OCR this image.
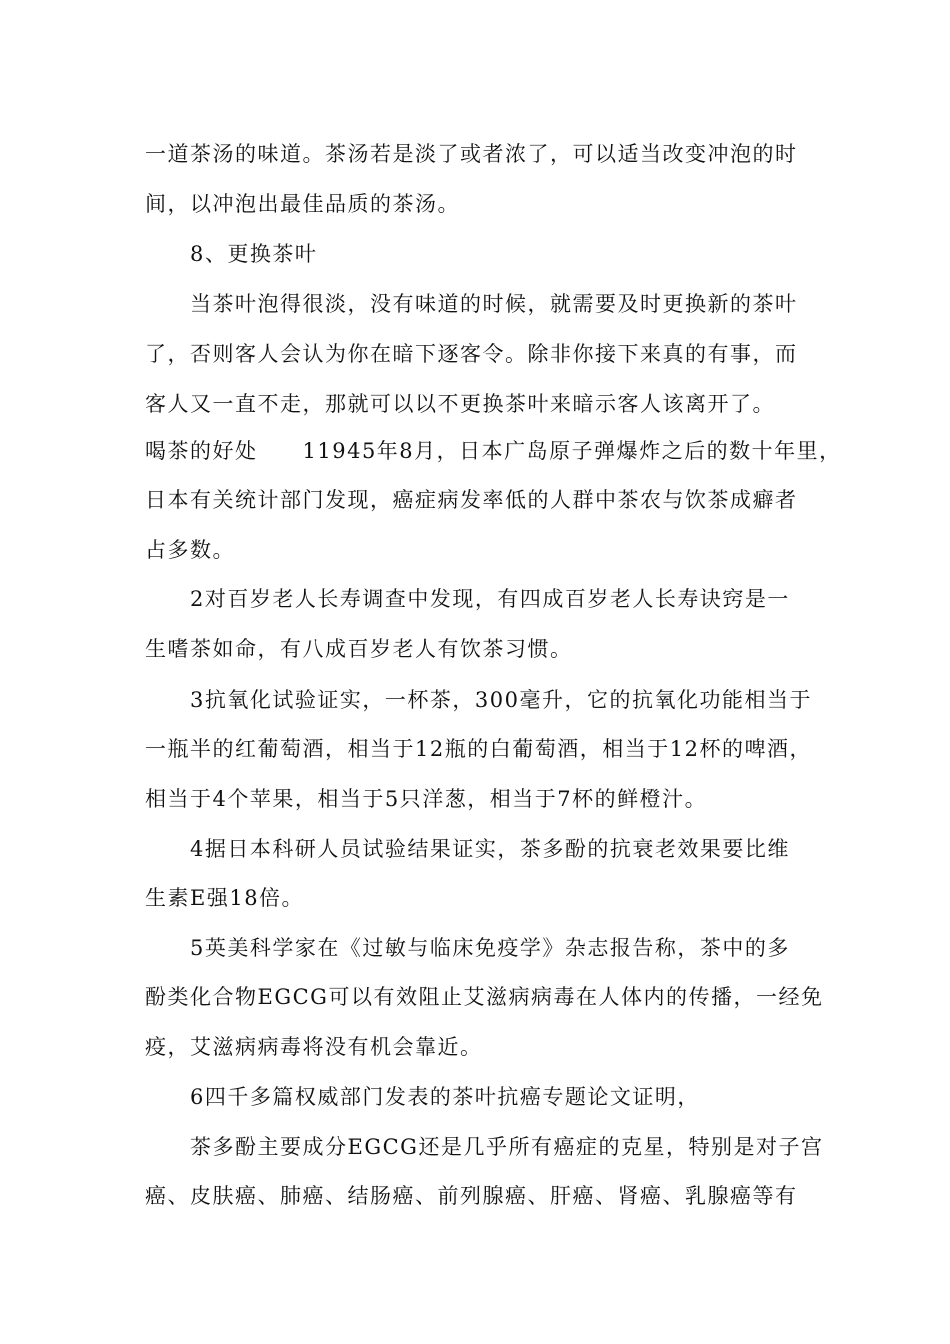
一道茶汤的味道。茶汤若是淡了或者浓了，可以适当改变冲泡的时
间，以冲泡出最佳品质的茶汤。
8、更换茶叶
当茶叶泡得很淡，没有味道的时候，就需要及时更换新的茶叶
了，否则客人会认为你在暗下逐客令。除非你接下来真的有事，而
客人又一直不走，那就可以以不更换茶叶来暗示客人该离开了。
喝茶的好处　　11945年8月，日本广岛原子弹爆炸之后的数十年里，
日本有关统计部门发现，癌症病发率低的人群中茶农与饮茶成癖者
占多数。
2对百岁老人长寿调查中发现，有四成百岁老人长寿诀窍是一
生嗜茶如命，有八成百岁老人有饮茶习惯。
3抗氧化试验证实，一杯茶，300毫升，它的抗氧化功能相当于
一瓶半的红葡萄酒，相当于12瓶的白葡萄酒，相当于12杯的啤酒，
相当于4个苹果，相当于5只洋葱，相当于7杯的鲜橙汁。
4据日本科研人员试验结果证实，茶多酚的抗衰老效果要比维
生素E强18倍。
5英美科学家在《过敏与临床免疫学》杂志报告称，茶中的多
酚类化合物EGCG可以有效阻止艾滋病病毒在人体内的传播，一经免
疫，艾滋病病毒将没有机会靠近。
6四千多篇权威部门发表的茶叶抗癌专题论文证明，
茶多酚主要成分EGCG还是几乎所有癌症的克星，特别是对子宫
癌、皮肤癌、肺癌、结肠癌、前列腺癌、肝癌、肾癌、乳腺癌等有
